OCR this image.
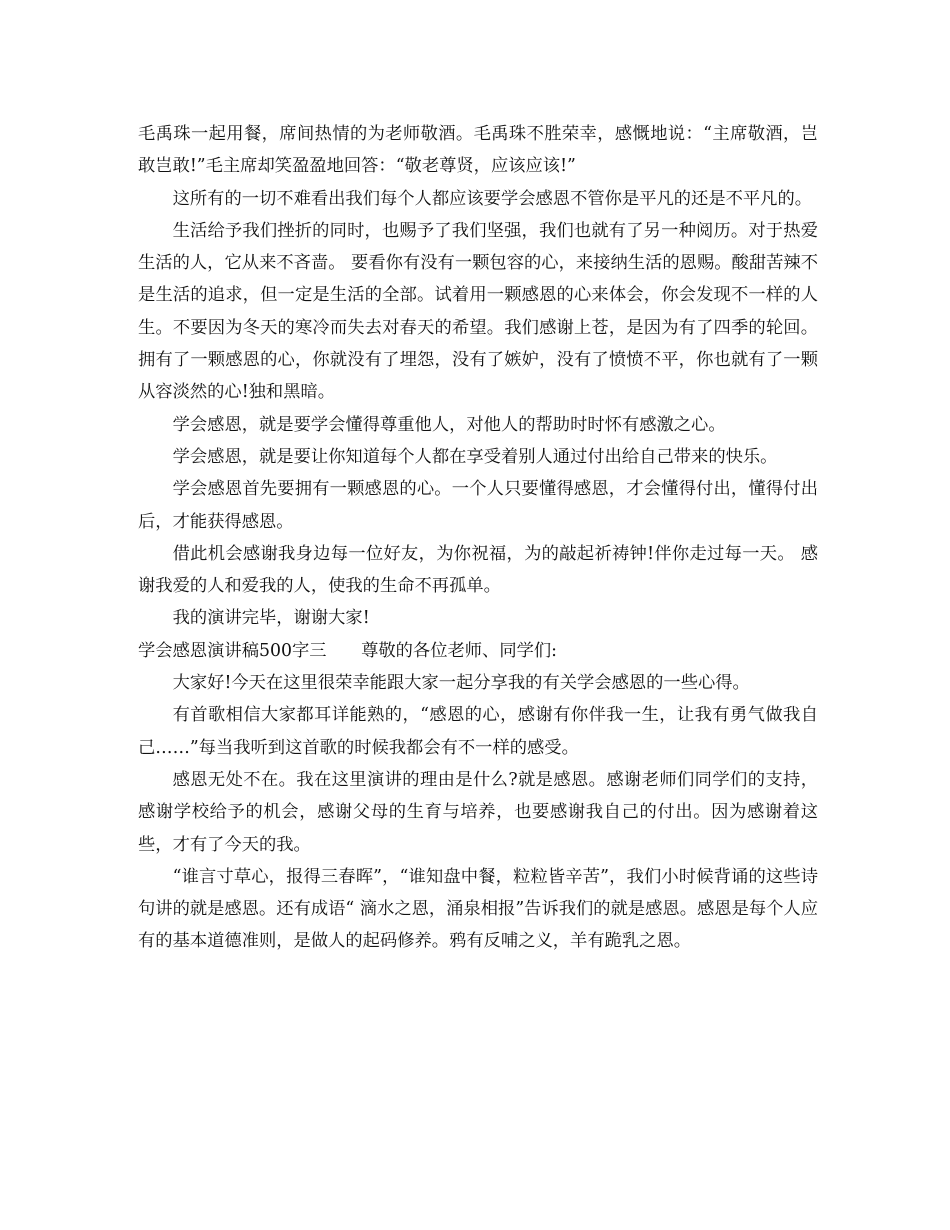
毛禹珠一起用餐，席间热情的为老师敬酒。毛禹珠不胜荣幸，感慨地说：“主席敬酒，岂敢岂敢!”毛主席却笑盈盈地回答：“敬老尊贤，应该应该!”

这所有的一切不难看出我们每个人都应该要学会感恩不管你是平凡的还是不平凡的。

生活给予我们挫折的同时，也赐予了我们坚强，我们也就有了另一种阅历。对于热爱生活的人，它从来不吝啬。 要看你有没有一颗包容的心，来接纳生活的恩赐。酸甜苦辣不是生活的追求，但一定是生活的全部。试着用一颗感恩的心来体会，你会发现不一样的人生。不要因为冬天的寒冷而失去对春天的希望。我们感谢上苍，是因为有了四季的轮回。拥有了一颗感恩的心，你就没有了埋怨，没有了嫉妒，没有了愤愤不平，你也就有了一颗从容淡然的心!独和黑暗。

学会感恩，就是要学会懂得尊重他人，对他人的帮助时时怀有感激之心。

学会感恩，就是要让你知道每个人都在享受着别人通过付出给自己带来的快乐。

学会感恩首先要拥有一颗感恩的心。一个人只要懂得感恩，才会懂得付出，懂得付出后，才能获得感恩。

借此机会感谢我身边每一位好友，为你祝福，为的敲起祈祷钟!伴你走过每一天。 感谢我爱的人和爱我的人，使我的生命不再孤单。

我的演讲完毕，谢谢大家!

学会感恩演讲稿500字三　　尊敬的各位老师、同学们:

大家好!今天在这里很荣幸能跟大家一起分享我的有关学会感恩的一些心得。

有首歌相信大家都耳详能熟的，“感恩的心，感谢有你伴我一生，让我有勇气做我自己……”每当我听到这首歌的时候我都会有不一样的感受。

感恩无处不在。我在这里演讲的理由是什么?就是感恩。感谢老师们同学们的支持，感谢学校给予的机会，感谢父母的生育与培养，也要感谢我自己的付出。因为感谢着这些，才有了今天的我。

“谁言寸草心，报得三春晖”，“谁知盘中餐，粒粒皆辛苦”，我们小时候背诵的这些诗句讲的就是感恩。还有成语“ 滴水之恩，涌泉相报”告诉我们的就是感恩。感恩是每个人应有的基本道德准则，是做人的起码修养。鸦有反哺之义，羊有跪乳之恩。
